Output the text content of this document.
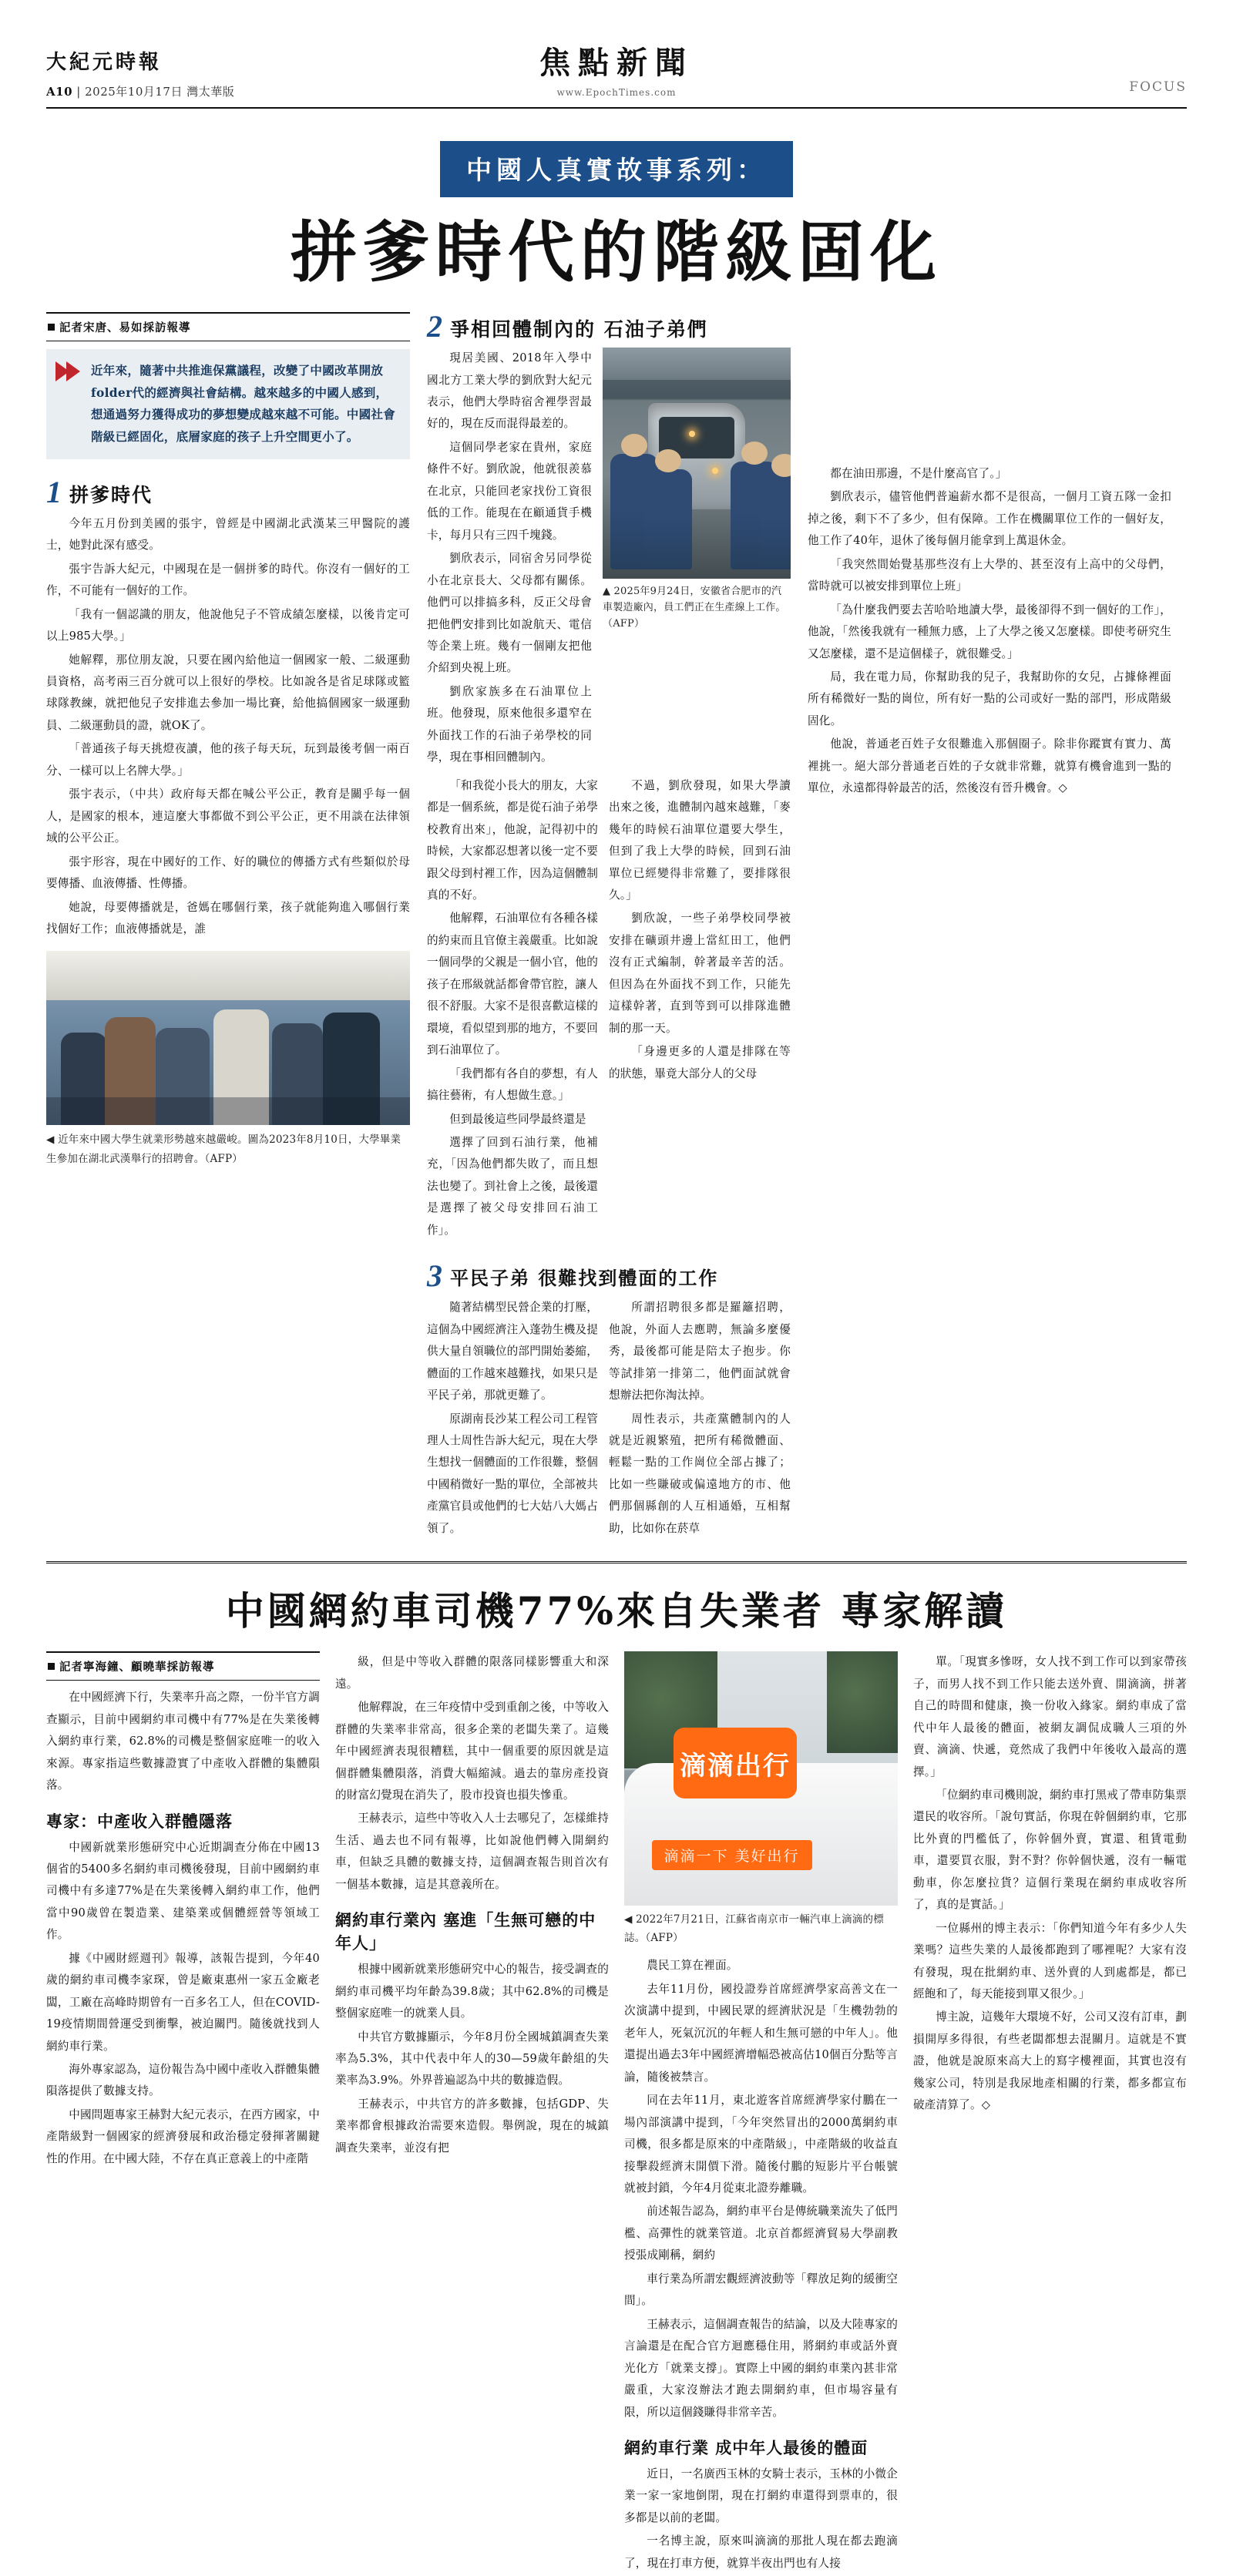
大紀元時報
A10 | 2025年10月17日 灣太華版
焦點新聞
www.EpochTimes.com	FOCUS
中國人真實故事系列：
拼爹時代的階級固化
記者宋唐、易如採訪報導
近年來，隨著中共推進保黨議程，改變了中國改革開放folder代的經濟與社會結構。越來越多的中國人感到，想通過努力獲得成功的夢想變成越來越不可能。中國社會階級已經固化，底層家庭的孩子上升空間更小了。
1 拼爹時代

今年五月份到美國的張宇，曾經是中國湖北武漢某三甲醫院的護士，她對此深有感受。

張宇告訴大紀元，中國現在是一個拼爹的時代。你沒有一個好的工作，不可能有一個好的工作。

「我有一個認識的朋友，他說他兒子不管成績怎麼樣，以後肯定可以上985大學。」

她解釋，那位朋友說，只要在國內給他這一個國家一般、二級運動員資格，高考兩三百分就可以上很好的學校。比如說各是省足球隊或籃球隊教練，就把他兒子安排進去參加一場比賽，給他搞個國家一級運動員、二級運動員的證，就OK了。

「普通孩子每天挑燈夜讀，他的孩子每天玩，玩到最後考個一兩百分、一樣可以上名牌大學。」

張宇表示，（中共）政府每天都在喊公平公正，教育是關乎每一個人，是國家的根本，連這麼大事都做不到公平公正，更不用談在法律領域的公平公正。

張宇形容，現在中國好的工作、好的職位的傳播方式有些類似於母要傳播、血液傳播、性傳播。

她說，母要傳播就是，爸媽在哪個行業，孩子就能夠進入哪個行業找個好工作；血液傳播就是，誰

◀ 近年來中國大學生就業形勢越來越嚴峻。圖為2023年8月10日，大學畢業生參加在湖北武漢舉行的招聘會。（AFP）
2 爭相回體制內的 石油子弟們

現居美國、2018年入學中國北方工業大學的劉欣對大紀元表示，他們大學時宿舍裡學習最好的，現在反而混得最差的。

這個同學老家在貴州，家庭條件不好。劉欣說，他就很羨慕在北京，只能回老家找份工資很低的工作。能現在在顧通貨手機卡，每月只有三四千塊錢。

劉欣表示，同宿舍另同學從小在北京長大、父母都有關係。他們可以排搞多科，反正父母會把他們安排到比如說航天、電信等企業上班。幾有一個剛友把他介紹到央視上班。

劉欣家族多在石油單位上班。他發現，原來他很多還窄在外面找工作的石油子弟學校的同學，現在事相回體制內。

▲ 2025年9月24日，安徽省合肥市的汽車製造廠內，員工們正在生產線上工作。（AFP）

「和我從小長大的朋友，大家都是一個系統，都是從石油子弟學校教育出來」，他說，記得初中的時候，大家都忍想著以後一定不要跟父母到村裡工作，因為這個體制真的不好。

他解釋，石油單位有各種各樣的約束而且官僚主義嚴重。比如說一個同學的父親是一個小官，他的孩子在邢級就話都會帶官腔，讓人很不舒服。大家不是很喜歡這樣的環境，看似望到那的地方，不要回到石油單位了。

「我們都有各自的夢想，有人搞往藝術，有人想做生意。」

但到最後這些同學最終還是

選擇了回到石油行業，他補充，「因為他們都失敗了，而且想法也變了。到社會上之後，最後還是選擇了被父母安排回石油工作」。

不過，劉欣發現，如果大學讀出來之後，進體制內越來越難，「麥幾年的時候石油單位還要大學生，但到了我上大學的時候，回到石油單位已經變得非常難了，要排隊很久。」

劉欣說，一些子弟學校同學被安排在礦頭井邊上當紅田工，他們沒有正式編制，幹著最辛苦的活。但因為在外面找不到工作，只能先這樣幹著，直到等到可以排隊進體制的那一天。

「身邊更多的人還是排隊在等的狀態，畢竟大部分人的父母

3 平民子弟 很難找到體面的工作

隨著結構型民營企業的打壓，這個為中國經濟注入蓬勃生機及提供大量自領職位的部門開始萎縮，體面的工作越來越難找，如果只是平民子弟，那就更難了。

原湖南長沙某工程公司工程管理人士周性告訴大紀元，現在大學生想找一個體面的工作很難，整個中國稍微好一點的單位，全部被共產黨官員或他們的七大姑八大媽占領了。

所謂招聘很多都是羅籬招聘，他說，外面人去應聘，無論多麼優秀，最後都可能是陪太子抱步。你等試排第一排第二，他們面試就會想辦法把你淘汰掉。

周性表示，共產黨體制內的人就是近親繁殖，把所有稀微體面、輕鬆一點的工作崗位全部占據了；比如一些賺破或偏遠地方的市、他們那個縣創的人互相通婚，互相幫助，比如你在菸草

都在油田那邊，不是什麼高官了。」

劉欣表示，儘管他們普遍薪水都不是很高，一個月工資五隊一金扣掉之後，剩下不了多少，但有保障。工作在機關單位工作的一個好友，他工作了40年，退休了後每個月能拿到上萬退休金。

「我突然間始覺基那些沒有上大學的、甚至沒有上高中的父母們，當時就可以被安排到單位上班」

「為什麼我們要去苦哈哈地讀大學，最後卻得不到一個好的工作」，他說，「然後我就有一種無力感，上了大學之後又怎麼樣。即使考研究生又怎麼樣，還不是這個樣子，就很難受。」

局，我在電力局，你幫助我的兒子，我幫助你的女兒，占據條裡面所有稀微好一點的崗位，所有好一點的公司或好一點的部門，形成階級固化。

他說，普通老百姓子女很難進入那個圈子。除非你蹤實有實力、萬裡挑一。絕大部分普通老百姓的子女就非常難，就算有機會進到一點的單位，永遠都得幹最苦的活，然後沒有晉升機會。◇

中國網約車司機77%來自失業者 專家解讀
記者寧海鐘、顧曉華採訪報導

在中國經濟下行，失業率升高之際，一份半官方調查顯示，目前中國網約車司機中有77%是在失業後轉入網約車行業，62.8%的司機是整個家庭唯一的收入來源。專家指這些數據證實了中產收入群體的集體隕落。

專家：中產收入群體隱落

中國新就業形態研究中心近期調查分佈在中國13個省的5400多名網約車司機後發現，目前中國網約車司機中有多達77%是在失業後轉入網約車工作，他們當中90歲曾在製造業、建築業或個體經營等領域工作。

據《中國財經週刊》報導，該報告提到，今年40歲的網約車司機李家琛，曾是廠東惠州一家五金廠老闆，工廠在高峰時期曾有一百多名工人，但在COVID-19疫情期間營運受到衝擊，被迫關門。隨後就找到人網約車行業。

海外專家認為，這份報告為中國中產收入群體集體隕落提供了數據支持。

中國問題專家王赫對大紀元表示，在西方國家，中產階級對一個國家的經濟發展和政治穩定發揮著關鍵性的作用。在中國大陸，不存在真正意義上的中產階

級，但是中等收入群體的限落同樣影響重大和深遠。

他解釋說，在三年疫情中受到重創之後，中等收入群體的失業率非常高，很多企業的老闆失業了。這幾年中國經濟表現很糟糕，其中一個重要的原因就是這個群體集體隕落，消費大幅縮減。過去的靠房產投資的財富幻覺現在消失了，股市投資也損失慘重。

王赫表示，這些中等收入人士去哪兒了，怎樣維持生活、過去也不同有報導，比如說他們轉入開網約車，但缺乏具體的數據支持，這個調查報告則首次有一個基本數據，這是其意義所在。

網約車行業內 塞進「生無可戀的中年人」

根據中國新就業形態研究中心的報告，接受調查的網約車司機平均年齡為39.8歲；其中62.8%的司機是整個家庭唯一的就業人員。

中共官方數據顯示，今年8月份全國城鎮調查失業率為5.3%，其中代表中年人的30—59歲年齡組的失業率為3.9%。外界普遍認為中共的數據造假。

王赫表示，中共官方的許多數據，包括GDP、失業率都會根據政治需要來造假。舉例說，現在的城鎮調查失業率，並沒有把

滴滴出行
滴滴一下 美好出行
◀ 2022年7月21日，江蘇省南京市一輛汽車上滴滴的標誌。（AFP）

農民工算在裡面。

去年11月份，國投證券首席經濟學家高善文在一次演講中提到，中國民眾的經濟狀況是「生機勃勃的老年人，死氣沉沉的年輕人和生無可戀的中年人」。他還提出過去3年中國經濟增幅恐被高估10個百分點等言論，隨後被禁言。

同在去年11月，東北遊客首席經濟學家付鵬在一場內部演講中提到，「今年突然冒出的2000萬網約車司機，很多都是原來的中產階級」，中產階級的收益直接擊殺經濟末開價下滑。隨後付鵬的短影片平台帳號就被封鎖，今年4月從東北證券離職。

前述報告認為，網約車平台是傳統職業流失了低門檻、高彈性的就業管道。北京首都經濟貿易大學副教授張成剛稱，網約

車行業為所謂宏觀經濟波動等「釋放足夠的緩衝空間」。

王赫表示，這個調查報告的結論，以及大陸專家的言論還是在配合官方迴應穩住用，將網約車或話外賣光化方「就業支撐」。實際上中國的網約車業內甚非常嚴重，大家沒辦法才跑去開網約車，但市場容量有限，所以這個錢賺得非常辛苦。

網約車行業 成中年人最後的體面

近日，一名廣西玉林的女騎士表示，玉林的小微企業一家一家地倒閉，現在打網約車還得到票車的，很多都是以前的老闆。

一名博主說，原來叫滴滴的那批人現在都去跑滴了，現在打車方便，就算半夜出門也有人接

單。「現實多慘呀，女人找不到工作可以到家帶孩子，而男人找不到工作只能去送外賣、開滴滴，拼著自己的時間和健康，換一份收入緣家。網約車成了當代中年人最後的體面，被網友調侃成職人三項的外賣、滴滴、快遞，竟然成了我們中年後收入最高的選擇。」

「位網約車司機則說，網約車打黑戒了帶車防集票還民的收容所。「說句實話，你現在幹個網約車，它那比外賣的門檻低了，你幹個外賣，實還、租賃電動車，還要買衣服，對不對？你幹個快遞，沒有一輛電動車，你怎麼拉貨？這個行業現在網約車成收容所了，真的是實話。」

一位縣州的博主表示：「你們知道今年有多少人失業嗎？這些失業的人最後都跑到了哪裡呢？大家有沒有發現，現在批網約車、送外賣的人到處都是，都已經飽和了，每天能接到單又很少。」

博主說，這幾年大環境不好，公司又沒有訂車，劃損開厚多得很，有些老闆都想去混關月。這就是不實證，他就是說原來高大上的寫字樓裡面，其實也沒有幾家公司，特別是我尿地產相關的行業，都多都宣布破產清算了。◇
